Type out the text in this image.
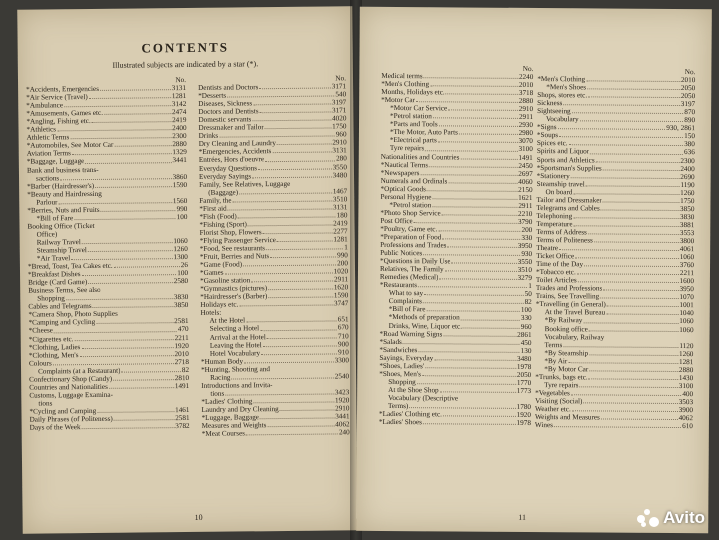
CONTENTS
Illustrated subjects are indicated by a star (*).
No.
*Accidents, Emergencies	3131
*Air Service (Travel)	1281
*Ambulance	3142
*Amusements, Games etc.	2474
*Angling, Fishing etc.	2419
*Athletics	2400
Athletic Terms	2300
*Automobiles, See Motor Car	2880
Aviation Terms	1329
*Baggage, Luggage	3441
Bank and business trans-
sactions	3860
*Barber (Hairdresser's)	1590
*Beauty and Hairdressing
Parlour	1560
*Berries, Nuts and Fruits	990
*Bill of Fare	100
Booking Office (Ticket
Office)
Railway Travel	1060
Steamship Travel	1260
*Air Travel	1300
*Bread, Toast, Tea Cakes etc.	26
*Breakfast Dishes	100
Bridge (Card Game)	2580
Business Terms, See also
Shopping	3830
Cables and Telegrams	3850
*Camera Shop, Photo Supplies
*Camping and Cycling	2581
*Cheese	470
*Cigarettes etc.	2211
*Clothing, Ladies	1920
*Clothing, Men's	2010
Colours	2718
Complaints (at a Restaurant)	82
Confectionary Shop (Candy)	2810
Countries and Nationalities	1491
Customs, Luggage Examina-
tions
*Cycling and Camping	1461
Daily Phrases (of Politeness)	2581
Days of the Week	3782
No.
Dentists and Doctors	3171
*Desserts	540
Diseases, Sickness	3197
Doctors and Dentists	3171
Domestic servants	4020
Dressmaker and Tailor	1750
Drinks	960
Dry Cleaning and Laundry	2910
*Emergencies, Accidents	3131
Entrées, Hors d'oeuvre	280
Everyday Questions	3550
Everyday Sayings	3480
Family, See Relatives, Luggage
(Baggage)	1467
Family, the	3510
*First aid	3131
*Fish (Food)	180
*Fishing (Sport)	2419
Florist Shop, Flowers	2277
*Flying Passenger Service	1281
*Food, See restaurants	1
*Fruit, Berries and Nuts	990
*Game (Food)	200
*Games	1020
*Gasoline station	2911
*Gymnastics (pictures)	1620
*Hairdresser's (Barber)	1590
Holidays etc.	3747
Hotels:
At the Hotel	651
Selecting a Hotel	670
Arrival at the Hotel	710
Leaving the Hotel	900
Hotel Vocabulary	910
*Human Body	3300
*Hunting, Shooting and
Racing	2540
Introductions and Invita-
tions	3423
*Ladies' Clothing	1920
Laundry and Dry Cleaning	2910
*Luggage, Baggage	3441
Measures and Weights	4062
*Meat Courses	240
10
No.
Medical terms	2240
*Men's Clothing	2010
Months, Holidays etc.	3718
*Motor Car	2880
*Motor Car Service	2910
*Petrol station	2911
*Parts and Tools	2930
*The Motor, Auto Parts	2980
*Electrical parts	3070
Tyre repairs	3100
Nationalities and Countries	1491
*Nautical Terms	2450
*Newspapers	2697
Numerals and Ordinals	4060
*Optical Goods	2150
Personal Hygiene	1621
*Petrol station	2911
*Photo Shop Service	2210
Post Office	3790
*Poultry, Game etc.	200
*Preparation of Food	330
Professions and Trades	3950
Public Notices	930
*Questions in Daily Use	3550
Relatives, The Family	3510
Remedies (Medical)	3279
*Restaurants	1
What to say	50
Complaints	82
*Bill of Fare	100
*Methods of preparation	330
Drinks, Wine, Liquor etc.	960
*Road Warning Signs	2861
*Salads	450
*Sandwiches	130
Sayings, Everyday	3480
*Shoes, Ladies'	1978
*Shoes, Men's	2050
Shopping	1770
At the Shoe Shop	1773
Vocabulary (Descriptive
Terms)	1780
*Ladies' Clothing etc.	1920
*Ladies' Shoes	1978
No.
*Men's Clothing	2010
*Men's Shoes	2050
Shops, stores etc.	2050
Sickness	3197
Sightseeing	870
Vocabulary	890
*Signs	930, 2861
*Soups	150
Spices etc.	380
Spirits and Liquor	636
Sports and Athletics	2300
*Sportsman's Supplies	2400
*Stationery	2690
Steamship travel	1190
On board	1260
Tailor and Dressmaker	1750
Telegrams and Cables	3850
Telephoning	3830
Temperature	3881
Terms of Address	3553
Terms of Politeness	3800
Theatre	4061
Ticket Office	1060
Time of the Day	3760
*Tobacco etc.	2211
Toilet Articles	1600
Trades and Professions	3950
Trains, See Travelling	1070
*Travelling (in General)	1001
At the Travel Bureau	1040
*By Railway	1060
Booking office	1060
Vocabulary, Railway
Terms	1120
*By Steamship	1260
*By Air	1281
*By Motor Car	2880
*Trunks, bags etc.	1430
Tyre repairs	3100
*Vegetables	400
Visiting (Social)	3503
Weather etc.	3900
Weights and Measures	4062
Wines	610
11	Avito
